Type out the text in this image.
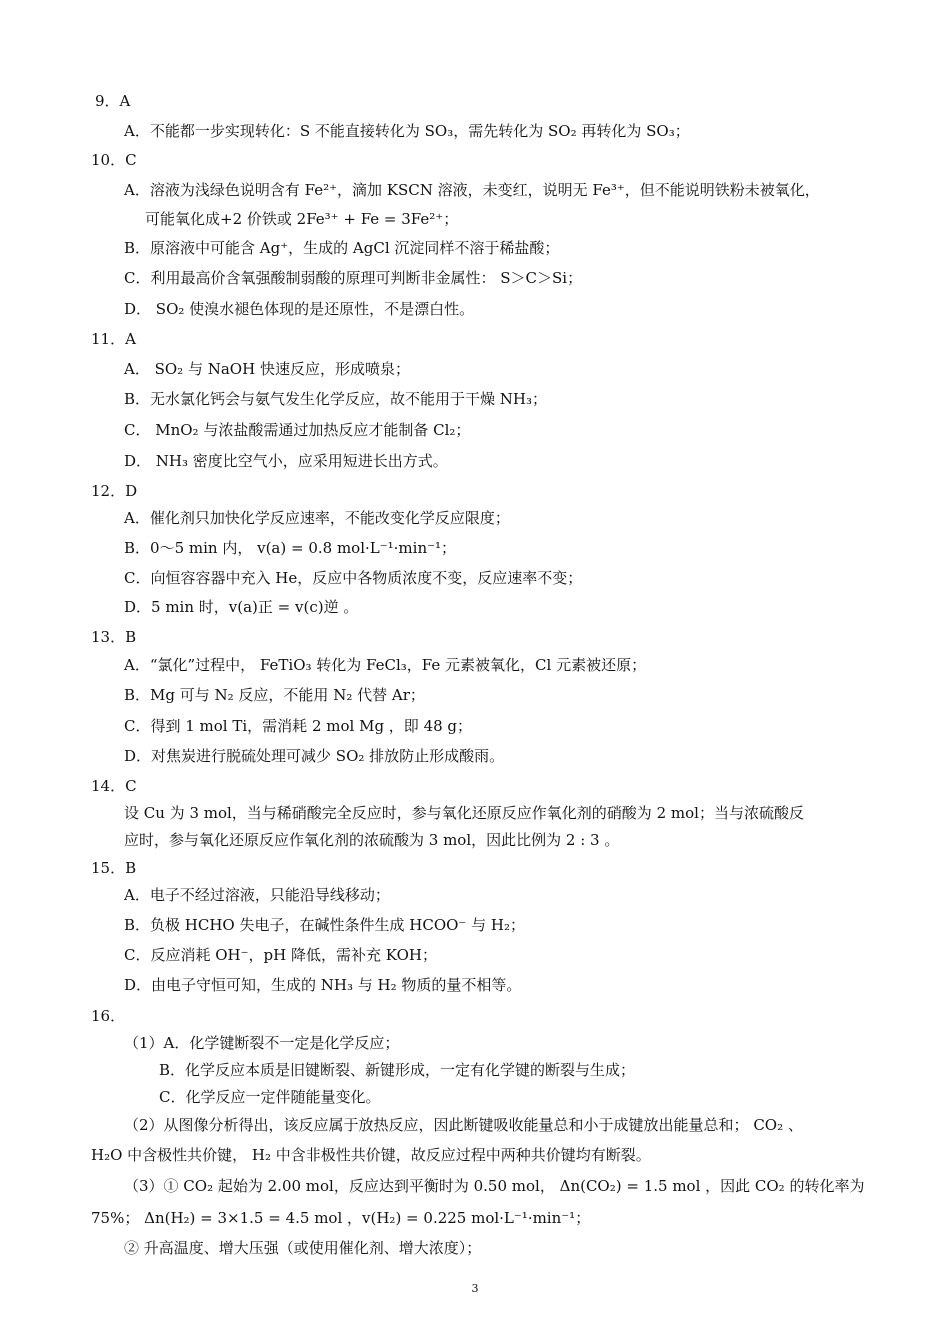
9．A
A．不能都一步实现转化：S 不能直接转化为 SO₃，需先转化为 SO₂ 再转化为 SO₃；
10．C
A．溶液为浅绿色说明含有 Fe²⁺，滴加 KSCN 溶液，未变红，说明无 Fe³⁺，但不能说明铁粉未被氧化，
可能氧化成+2 价铁或 2Fe³⁺ + Fe = 3Fe²⁺；
B．原溶液中可能含 Ag⁺，生成的 AgCl 沉淀同样不溶于稀盐酸；
C．利用最高价含氧强酸制弱酸的原理可判断非金属性： S＞C＞Si；
D． SO₂ 使溴水褪色体现的是还原性，不是漂白性。
11．A
A． SO₂ 与 NaOH 快速反应，形成喷泉；
B．无水氯化钙会与氨气发生化学反应，故不能用于干燥 NH₃；
C． MnO₂ 与浓盐酸需通过加热反应才能制备 Cl₂；
D． NH₃ 密度比空气小，应采用短进长出方式。
12．D
A．催化剂只加快化学反应速率，不能改变化学反应限度；
B．0～5 min 内， v(a) = 0.8 mol·L⁻¹·min⁻¹；
C．向恒容容器中充入 He，反应中各物质浓度不变，反应速率不变；
D．5 min 时，v(a)正 = v(c)逆 。
13．B
A．“氯化”过程中， FeTiO₃ 转化为 FeCl₃，Fe 元素被氧化，Cl 元素被还原；
B．Mg 可与 N₂ 反应，不能用 N₂ 代替 Ar；
C．得到 1 mol Ti，需消耗 2 mol Mg ，即 48 g；
D．对焦炭进行脱硫处理可减少 SO₂ 排放防止形成酸雨。
14．C
设 Cu 为 3 mol，当与稀硝酸完全反应时，参与氧化还原反应作氧化剂的硝酸为 2 mol；当与浓硫酸反
应时，参与氧化还原反应作氧化剂的浓硫酸为 3 mol，因此比例为 2 : 3 。
15．B
A．电子不经过溶液，只能沿导线移动；
B．负极 HCHO 失电子，在碱性条件生成 HCOO⁻ 与 H₂；
C．反应消耗 OH⁻，pH 降低，需补充 KOH；
D．由电子守恒可知，生成的 NH₃ 与 H₂ 物质的量不相等。
16．
（1）A．化学键断裂不一定是化学反应；
B．化学反应本质是旧键断裂、新键形成，一定有化学键的断裂与生成；
C．化学反应一定伴随能量变化。
（2）从图像分析得出，该反应属于放热反应，因此断键吸收能量总和小于成键放出能量总和； CO₂ 、
H₂O 中含极性共价键， H₂ 中含非极性共价键，故反应过程中两种共价键均有断裂。
（3）① CO₂ 起始为 2.00 mol，反应达到平衡时为 0.50 mol， Δn(CO₂) = 1.5 mol ，因此 CO₂ 的转化率为
75%； Δn(H₂) = 3×1.5 = 4.5 mol ，v(H₂) = 0.225 mol·L⁻¹·min⁻¹；
② 升高温度、增大压强（或使用催化剂、增大浓度）；
3
